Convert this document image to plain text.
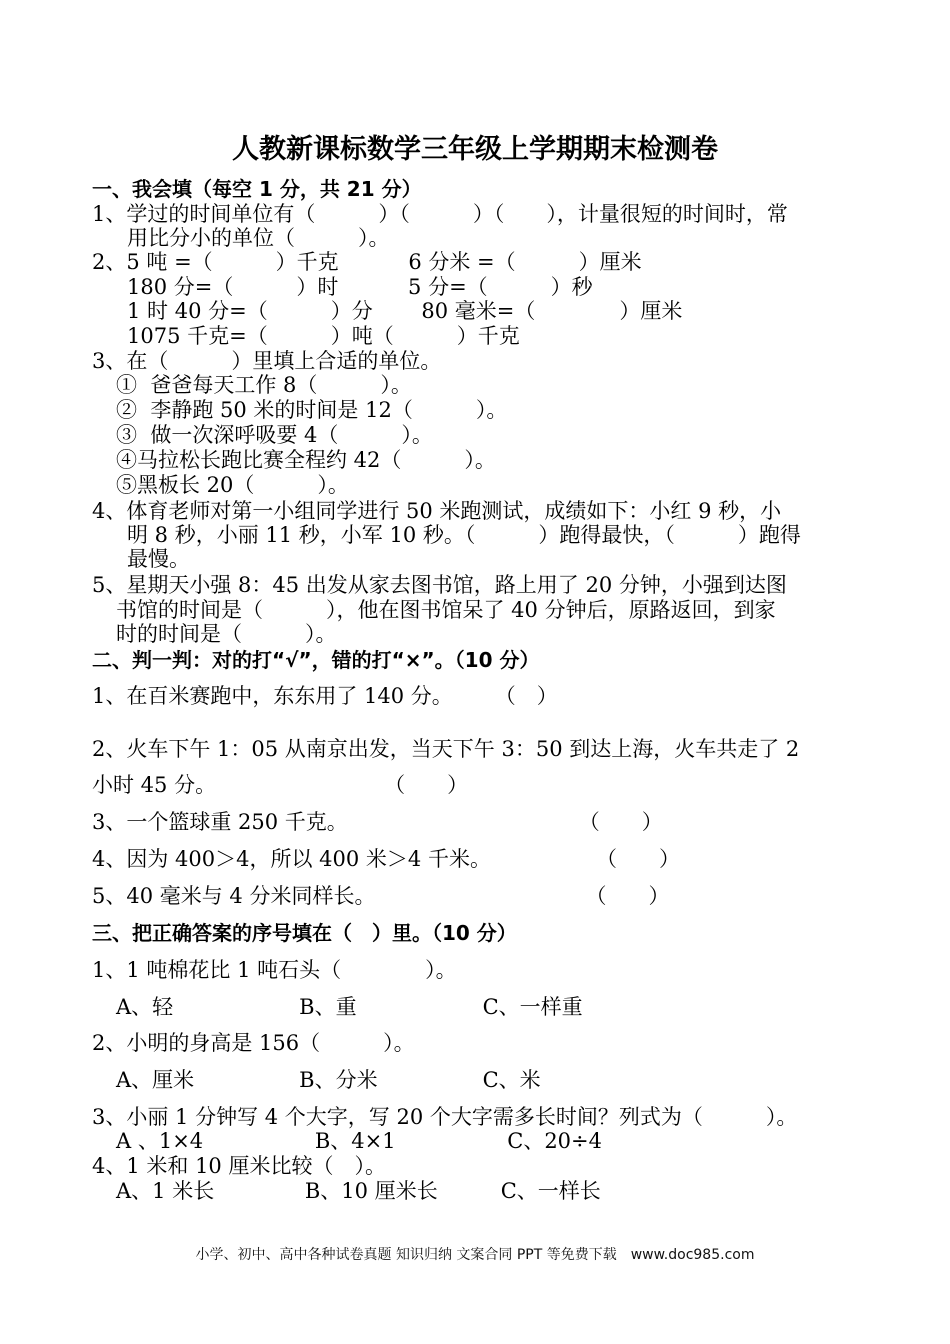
人教新课标数学三年级上学期期末检测卷
一、我会填（每空 1 分，共 21 分）
1、学过的时间单位有（　　　）（　　　）（　　），计量很短的时间时，常
用比分小的单位（　　　）。
2、5 吨 =（　　　）千克　　　 6 分米 =（　　　）厘米
180 分=（　　　）时　　　 5 分=（　　　）秒
1 时 40 分=（　　　）分　　 80 毫米=（　　　　）厘米
1075 千克=（　　　）吨（　　　）千克
3、在（　　　）里填上合适的单位。
①  爸爸每天工作 8（　　　）。
②  李静跑 50 米的时间是 12（　　　）。
③  做一次深呼吸要 4（　　　）。
④马拉松长跑比赛全程约 42（　　　）。
⑤黑板长 20（　　　）。
4、体育老师对第一小组同学进行 50 米跑测试，成绩如下：小红 9 秒，小
明 8 秒，小丽 11 秒，小军 10 秒。（　　　）跑得最快，（　　　）跑得
最慢。
5、星期天小强 8：45 出发从家去图书馆，路上用了 20 分钟，小强到达图
书馆的时间是（　　　），他在图书馆呆了 40 分钟后，原路返回，到家
时的时间是（　　　）。
二、判一判：对的打“√”，错的打“×”。（10 分）
1、在百米赛跑中，东东用了 140 分。　　　（　）
2、火车下午 1：05 从南京出发，当天下午 3：50 到达上海，火车共走了 2
小时 45 分。　　　　　　　　　（　　）
3、一个篮球重 250 千克。　　　　　　　　　　　　（　　）
4、因为 400＞4，所以 400 米＞4 千米。　　　　　　（　　）
5、40 毫米与 4 分米同样长。　　　　　　　　　　　（　　）
三、把正确答案的序号填在（　）里。（10 分）
1、1 吨棉花比 1 吨石头（　　　　）。
A、轻　　　　　　B、重　　　　　　C、一样重
2、小明的身高是 156（　　　）。
A、厘米　　　　　B、分米　　　　　C、米
3、小丽 1 分钟写 4 个大字，写 20 个大字需多长时间？列式为（　　　）。
A 、1×4　　　　　 B、4×1　　　　　 C、20÷4
4、1 米和 10 厘米比较（　）。
A、1 米长　　　　 B、10 厘米长　　　C、一样长
小学、初中、高中各种试卷真题 知识归纳 文案合同 PPT 等免费下载　www.doc985.com
